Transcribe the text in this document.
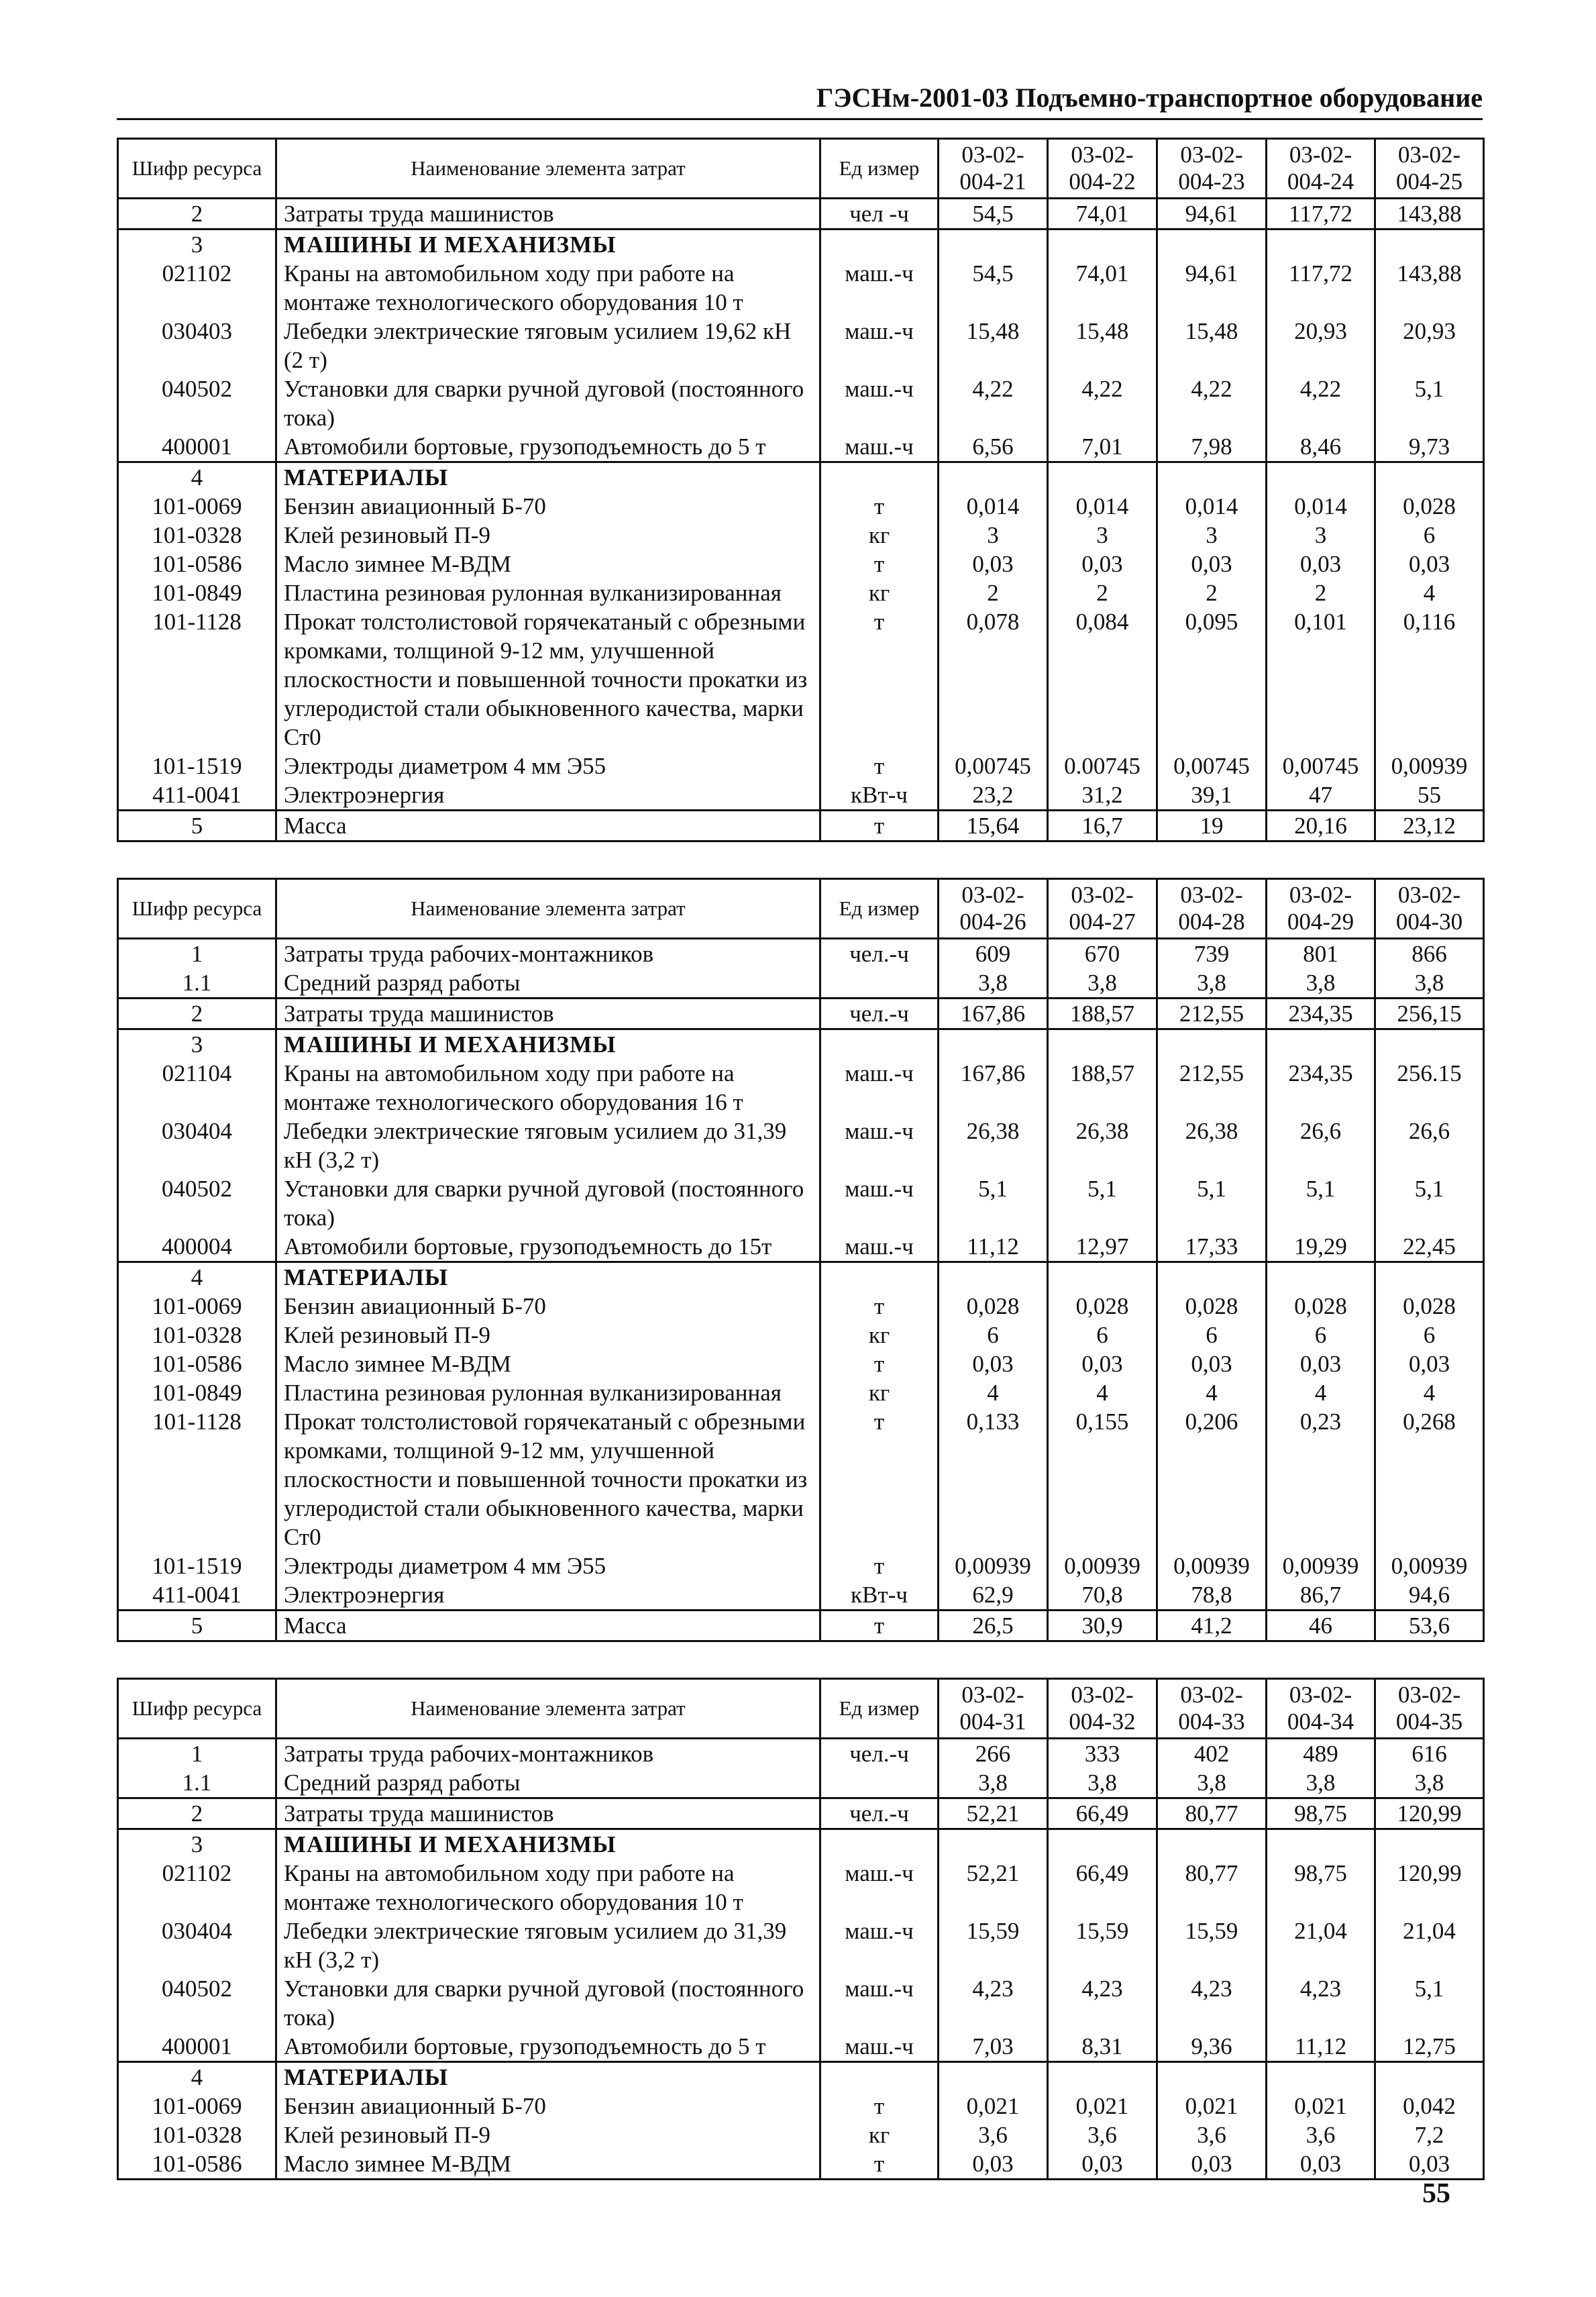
ГЭСНм-2001-03 Подъемно-транспортное оборудование
Шифр ресурса	Наименование элемента затрат	Ед измер	03-02-004-21	03-02-004-22	03-02-004-23	03-02-004-24	03-02-004-25
2	Затраты труда машинистов	чел -ч	54,5	74,01	94,61	117,72	143,88
3	МАШИНЫ И МЕХАНИЗМЫ						
021102	Краны на автомобильном ходу при работе на монтаже технологического оборудования 10 т	маш.-ч	54,5	74,01	94,61	117,72	143,88
030403	Лебедки электрические тяговым усилием 19,62 кН (2 т)	маш.-ч	15,48	15,48	15,48	20,93	20,93
040502	Установки для сварки ручной дуговой (постоянного тока)	маш.-ч	4,22	4,22	4,22	4,22	5,1
400001	Автомобили бортовые, грузоподъемность до 5 т	маш.-ч	6,56	7,01	7,98	8,46	9,73
4	МАТЕРИАЛЫ						
101-0069	Бензин авиационный Б-70	т	0,014	0,014	0,014	0,014	0,028
101-0328	Клей резиновый П-9	кг	3	3	3	3	6
101-0586	Масло зимнее М-ВДМ	т	0,03	0,03	0,03	0,03	0,03
101-0849	Пластина резиновая рулонная вулканизированная	кг	2	2	2	2	4
101-1128	Прокат толстолистовой горячекатаный с обрезными кромками, толщиной 9-12 мм, улучшенной плоскостности и повышенной точности прокатки из углеродистой стали обыкновенного качества, марки Ст0	т	0,078	0,084	0,095	0,101	0,116
101-1519	Электроды диаметром 4 мм Э55	т	0,00745	0.00745	0,00745	0,00745	0,00939
411-0041	Электроэнергия	кВт-ч	23,2	31,2	39,1	47	55
5	Масса	т	15,64	16,7	19	20,16	23,12
Шифр ресурса	Наименование элемента затрат	Ед измер	03-02-004-26	03-02-004-27	03-02-004-28	03-02-004-29	03-02-004-30
1	Затраты труда рабочих-монтажников	чел.-ч	609	670	739	801	866
1.1	Средний разряд работы		3,8	3,8	3,8	3,8	3,8
2	Затраты труда машинистов	чел.-ч	167,86	188,57	212,55	234,35	256,15
3	МАШИНЫ И МЕХАНИЗМЫ						
021104	Краны на автомобильном ходу при работе на монтаже технологического оборудования 16 т	маш.-ч	167,86	188,57	212,55	234,35	256.15
030404	Лебедки электрические тяговым усилием до 31,39 кН (3,2 т)	маш.-ч	26,38	26,38	26,38	26,6	26,6
040502	Установки для сварки ручной дуговой (постоянного тока)	маш.-ч	5,1	5,1	5,1	5,1	5,1
400004	Автомобили бортовые, грузоподъемность до 15т	маш.-ч	11,12	12,97	17,33	19,29	22,45
4	МАТЕРИАЛЫ						
101-0069	Бензин авиационный Б-70	т	0,028	0,028	0,028	0,028	0,028
101-0328	Клей резиновый П-9	кг	6	6	6	6	6
101-0586	Масло зимнее М-ВДМ	т	0,03	0,03	0,03	0,03	0,03
101-0849	Пластина резиновая рулонная вулканизированная	кг	4	4	4	4	4
101-1128	Прокат толстолистовой горячекатаный с обрезными кромками, толщиной 9-12 мм, улучшенной плоскостности и повышенной точности прокатки из углеродистой стали обыкновенного качества, марки Ст0	т	0,133	0,155	0,206	0,23	0,268
101-1519	Электроды диаметром 4 мм Э55	т	0,00939	0,00939	0,00939	0,00939	0,00939
411-0041	Электроэнергия	кВт-ч	62,9	70,8	78,8	86,7	94,6
5	Масса	т	26,5	30,9	41,2	46	53,6
Шифр ресурса	Наименование элемента затрат	Ед измер	03-02-004-31	03-02-004-32	03-02-004-33	03-02-004-34	03-02-004-35
1	Затраты труда рабочих-монтажников	чел.-ч	266	333	402	489	616
1.1	Средний разряд работы		3,8	3,8	3,8	3,8	3,8
2	Затраты труда машинистов	чел.-ч	52,21	66,49	80,77	98,75	120,99
3	МАШИНЫ И МЕХАНИЗМЫ						
021102	Краны на автомобильном ходу при работе на монтаже технологического оборудования 10 т	маш.-ч	52,21	66,49	80,77	98,75	120,99
030404	Лебедки электрические тяговым усилием до 31,39 кН (3,2 т)	маш.-ч	15,59	15,59	15,59	21,04	21,04
040502	Установки для сварки ручной дуговой (постоянного тока)	маш.-ч	4,23	4,23	4,23	4,23	5,1
400001	Автомобили бортовые, грузоподъемность до 5 т	маш.-ч	7,03	8,31	9,36	11,12	12,75
4	МАТЕРИАЛЫ						
101-0069	Бензин авиационный Б-70	т	0,021	0,021	0,021	0,021	0,042
101-0328	Клей резиновый П-9	кг	3,6	3,6	3,6	3,6	7,2
101-0586	Масло зимнее М-ВДМ	т	0,03	0,03	0,03	0,03	0,03
55
